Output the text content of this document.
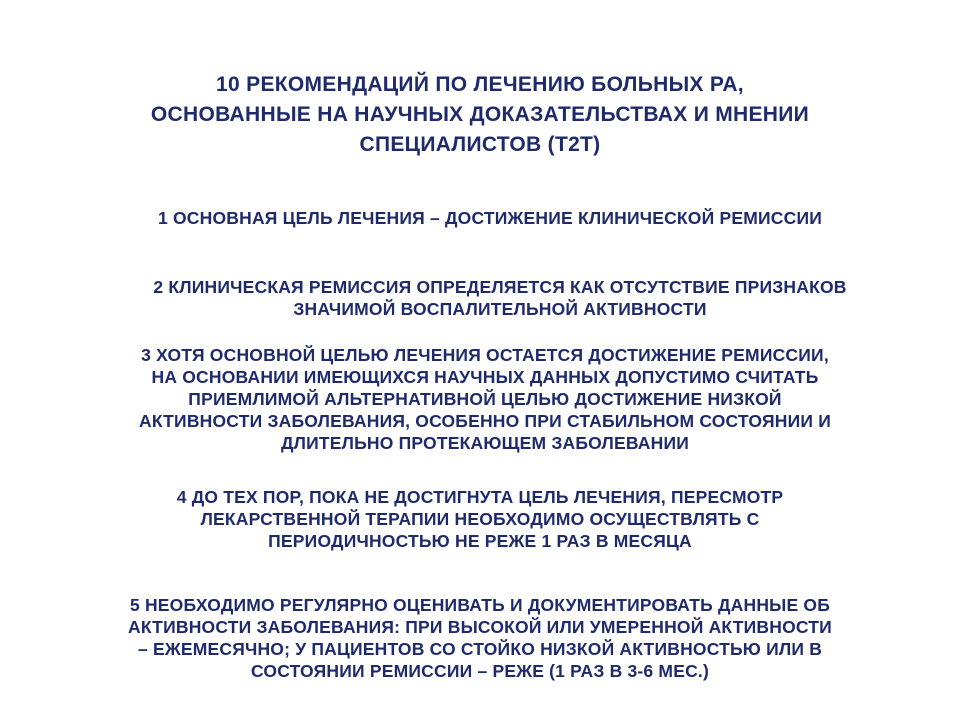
10 РЕКОМЕНДАЦИЙ ПО ЛЕЧЕНИЮ БОЛЬНЫХ РА,
ОСНОВАННЫЕ НА НАУЧНЫХ ДОКАЗАТЕЛЬСТВАХ И МНЕНИИ
СПЕЦИАЛИСТОВ (T2T)
1 ОСНОВНАЯ ЦЕЛЬ ЛЕЧЕНИЯ – ДОСТИЖЕНИЕ КЛИНИЧЕСКОЙ РЕМИССИИ
2 КЛИНИЧЕСКАЯ РЕМИССИЯ ОПРЕДЕЛЯЕТСЯ КАК ОТСУТСТВИЕ ПРИЗНАКОВ
ЗНАЧИМОЙ ВОСПАЛИТЕЛЬНОЙ АКТИВНОСТИ
3 ХОТЯ ОСНОВНОЙ ЦЕЛЬЮ ЛЕЧЕНИЯ ОСТАЕТСЯ ДОСТИЖЕНИЕ РЕМИССИИ,
НА ОСНОВАНИИ ИМЕЮЩИХСЯ НАУЧНЫХ ДАННЫХ ДОПУСТИМО СЧИТАТЬ
ПРИЕМЛИМОЙ АЛЬТЕРНАТИВНОЙ ЦЕЛЬЮ ДОСТИЖЕНИЕ НИЗКОЙ
АКТИВНОСТИ ЗАБОЛЕВАНИЯ, ОСОБЕННО ПРИ СТАБИЛЬНОМ СОСТОЯНИИ И
ДЛИТЕЛЬНО ПРОТЕКАЮЩЕМ ЗАБОЛЕВАНИИ
4 ДО ТЕХ ПОР, ПОКА НЕ ДОСТИГНУТА ЦЕЛЬ ЛЕЧЕНИЯ, ПЕРЕСМОТР
ЛЕКАРСТВЕННОЙ ТЕРАПИИ НЕОБХОДИМО ОСУЩЕСТВЛЯТЬ С
ПЕРИОДИЧНОСТЬЮ НЕ РЕЖЕ 1 РАЗ В МЕСЯЦА
5 НЕОБХОДИМО РЕГУЛЯРНО ОЦЕНИВАТЬ И ДОКУМЕНТИРОВАТЬ ДАННЫЕ ОБ
АКТИВНОСТИ ЗАБОЛЕВАНИЯ: ПРИ ВЫСОКОЙ ИЛИ УМЕРЕННОЙ АКТИВНОСТИ
– ЕЖЕМЕСЯЧНО; У ПАЦИЕНТОВ СО СТОЙКО НИЗКОЙ АКТИВНОСТЬЮ ИЛИ В
СОСТОЯНИИ РЕМИССИИ – РЕЖЕ (1 РАЗ В 3-6 МЕС.)
